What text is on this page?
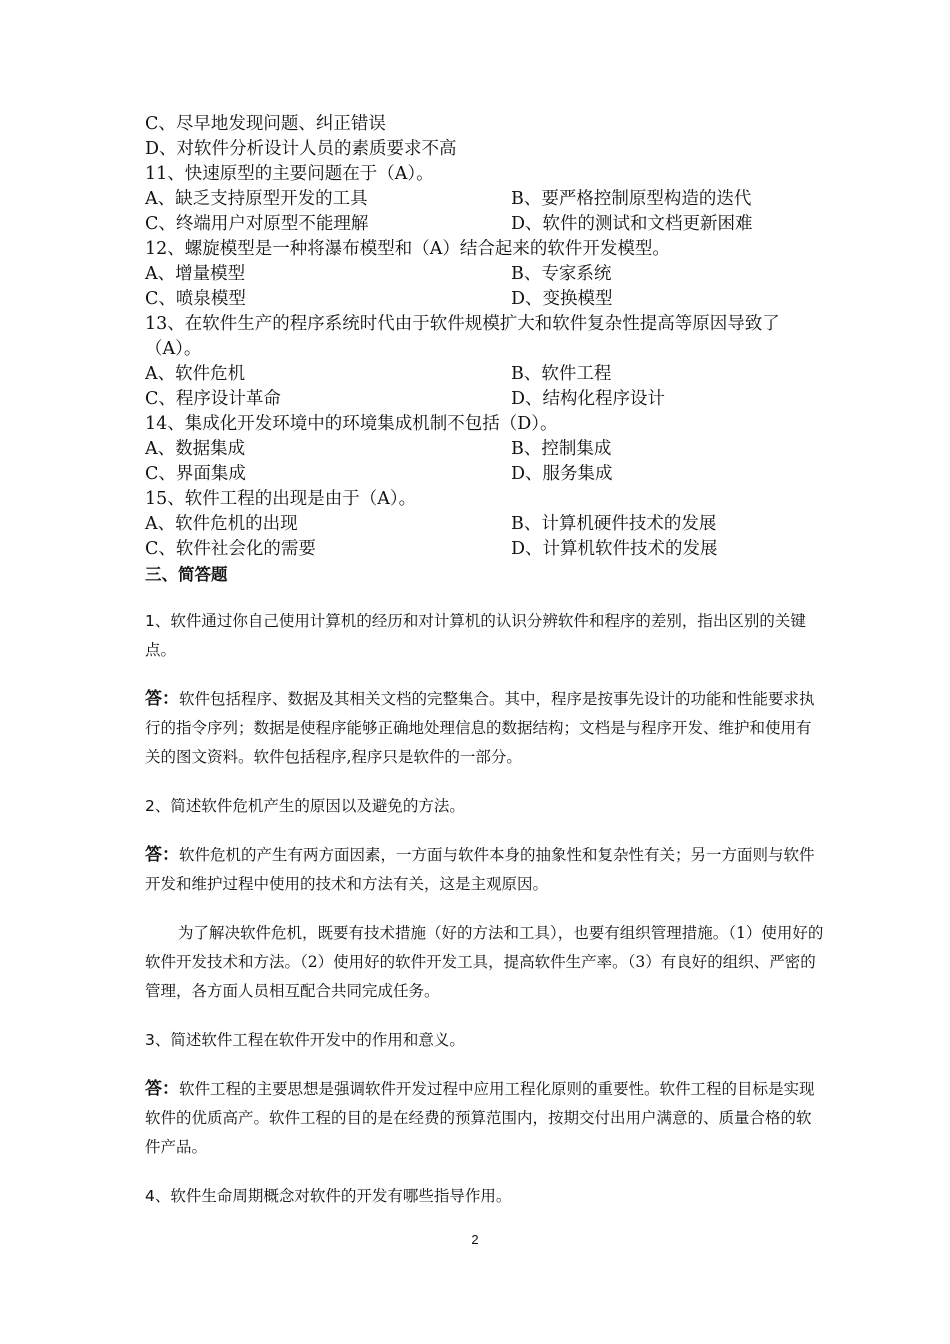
C、尽早地发现问题、纠正错误
D、对软件分析设计人员的素质要求不高
11、快速原型的主要问题在于（A）。
A、缺乏支持原型开发的工具	B、要严格控制原型构造的迭代
C、终端用户对原型不能理解	D、软件的测试和文档更新困难
12、螺旋模型是一种将瀑布模型和（A）结合起来的软件开发模型。
A、增量模型	B、专家系统
C、喷泉模型	D、变换模型
13、在软件生产的程序系统时代由于软件规模扩大和软件复杂性提高等原因导致了（A）。
A、软件危机	B、软件工程
C、程序设计革命	D、结构化程序设计
14、集成化开发环境中的环境集成机制不包括（D）。
A、数据集成	B、控制集成
C、界面集成	D、服务集成
15、软件工程的出现是由于（A）。
A、软件危机的出现	B、计算机硬件技术的发展
C、软件社会化的需要	D、计算机软件技术的发展
三、简答题
1、软件通过你自己使用计算机的经历和对计算机的认识分辨软件和程序的差别，指出区别的关键点。
答：软件包括程序、数据及其相关文档的完整集合。其中，程序是按事先设计的功能和性能要求执行的指令序列；数据是使程序能够正确地处理信息的数据结构；文档是与程序开发、维护和使用有关的图文资料。软件包括程序,程序只是软件的一部分。
2、简述软件危机产生的原因以及避免的方法。
答：软件危机的产生有两方面因素，一方面与软件本身的抽象性和复杂性有关；另一方面则与软件开发和维护过程中使用的技术和方法有关，这是主观原因。
为了解决软件危机，既要有技术措施（好的方法和工具），也要有组织管理措施。（1）使用好的软件开发技术和方法。（2）使用好的软件开发工具，提高软件生产率。（3）有良好的组织、严密的管理，各方面人员相互配合共同完成任务。
3、简述软件工程在软件开发中的作用和意义。
答：软件工程的主要思想是强调软件开发过程中应用工程化原则的重要性。软件工程的目标是实现软件的优质高产。软件工程的目的是在经费的预算范围内，按期交付出用户满意的、质量合格的软件产品。
4、软件生命周期概念对软件的开发有哪些指导作用。
2
